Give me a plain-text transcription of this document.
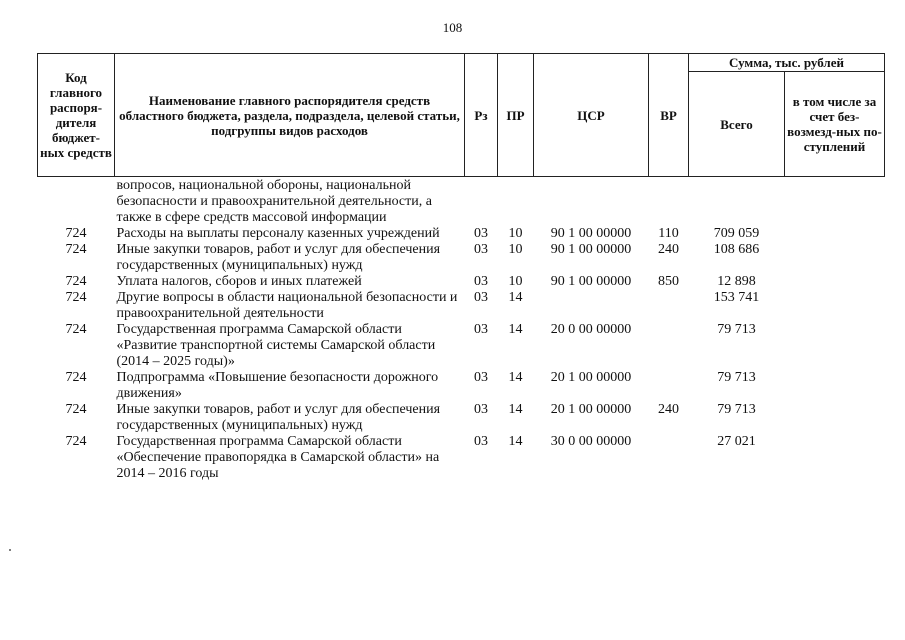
108
Код главного распоря-дителя бюджет-ных средств	Наименование главного распорядителя средств областного бюджета, раздела, подраздела, целевой статьи, подгруппы видов расходов	Рз	ПР	ЦСР	ВР	Сумма, тыс. рублей	
						Всего	в том числе за счет без-возмезд-ных по-ступлений
	вопросов, национальной обороны, национальной безопасности и правоохранительной деятельности, а также в сфере средств массовой информации						
724	Расходы на выплаты персоналу казенных учреждений	03	10	90 1 00 00000	110	709 059	
724	Иные закупки товаров, работ и услуг для обеспечения государственных (муниципальных) нужд	03	10	90 1 00 00000	240	108 686	
724	Уплата налогов, сборов и иных платежей	03	10	90 1 00 00000	850	12 898	
724	Другие вопросы в области национальной безопасности и правоохранительной деятельности	03	14			153 741	
724	Государственная программа Самарской области «Развитие транспортной системы Самарской области (2014 – 2025 годы)»	03	14	20 0 00 00000		79 713	
724	Подпрограмма «Повышение безопасности дорожного движения»	03	14	20 1 00 00000		79 713	
724	Иные закупки товаров, работ и услуг для обеспечения государственных (муниципальных) нужд	03	14	20 1 00 00000	240	79 713	
724	Государственная программа Самарской области «Обеспечение правопорядка в Самарской области» на 2014 – 2016 годы	03	14	30 0 00 00000		27 021	
